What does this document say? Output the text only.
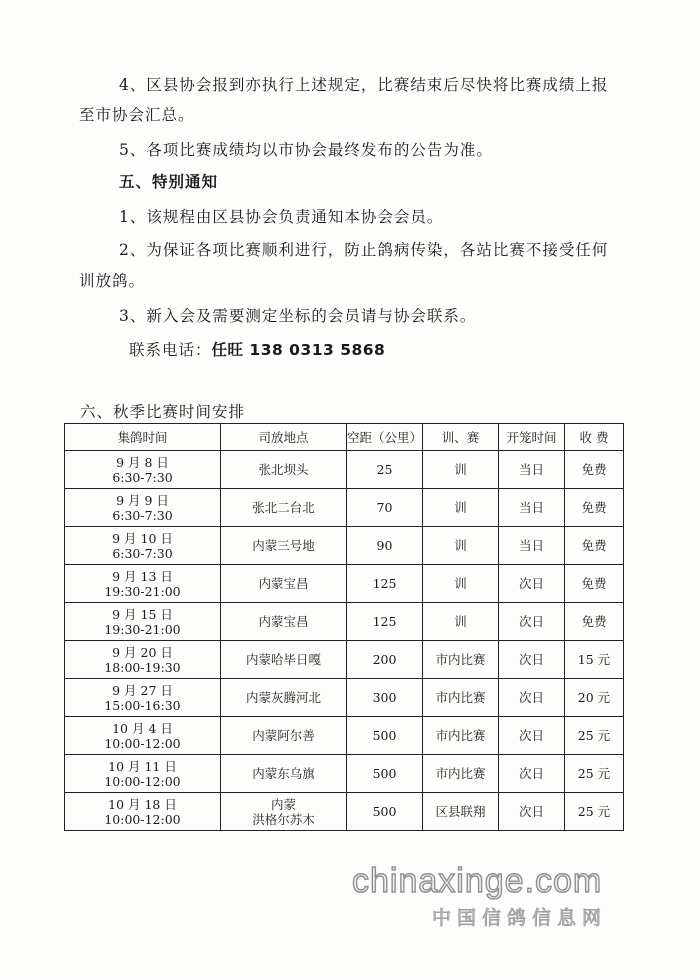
4、区县协会报到亦执行上述规定，比赛结束后尽快将比赛成绩上报
至市协会汇总。
5、各项比赛成绩均以市协会最终发布的公告为准。
五、特别通知
1、该规程由区县协会负责通知本协会会员。
2、为保证各项比赛顺利进行，防止鸽病传染，各站比赛不接受任何
训放鸽。
3、新入会及需要测定坐标的会员请与协会联系。
联系电话：任旺 138 0313 5868
六、秋季比赛时间安排
集鸽时间	司放地点	空距（公里）	训、赛	开笼时间	收 费

9 月 8 日
6:30-7:30	张北坝头	25	训	当日	免费

9 月 9 日
6:30-7:30	张北二台北	70	训	当日	免费

9 月 10 日
6:30-7:30	内蒙三号地	90	训	当日	免费

9 月 13 日
19:30-21:00	内蒙宝昌	125	训	次日	免费

9 月 15 日
19:30-21:00	内蒙宝昌	125	训	次日	免费

9 月 20 日
18:00-19:30	内蒙哈毕日嘎	200	市内比赛	次日	15 元

9 月 27 日
15:00-16:30	内蒙灰腾河北	300	市内比赛	次日	20 元

10 月 4 日
10:00-12:00	内蒙阿尔善	500	市内比赛	次日	25 元

10 月 11 日
10:00-12:00	内蒙东乌旗	500	市内比赛	次日	25 元

10 月 18 日
10:00-12:00	内蒙
洪格尔苏木	500	区县联翔	次日	25 元
chinaxinge.com
中国信鸽信息网
